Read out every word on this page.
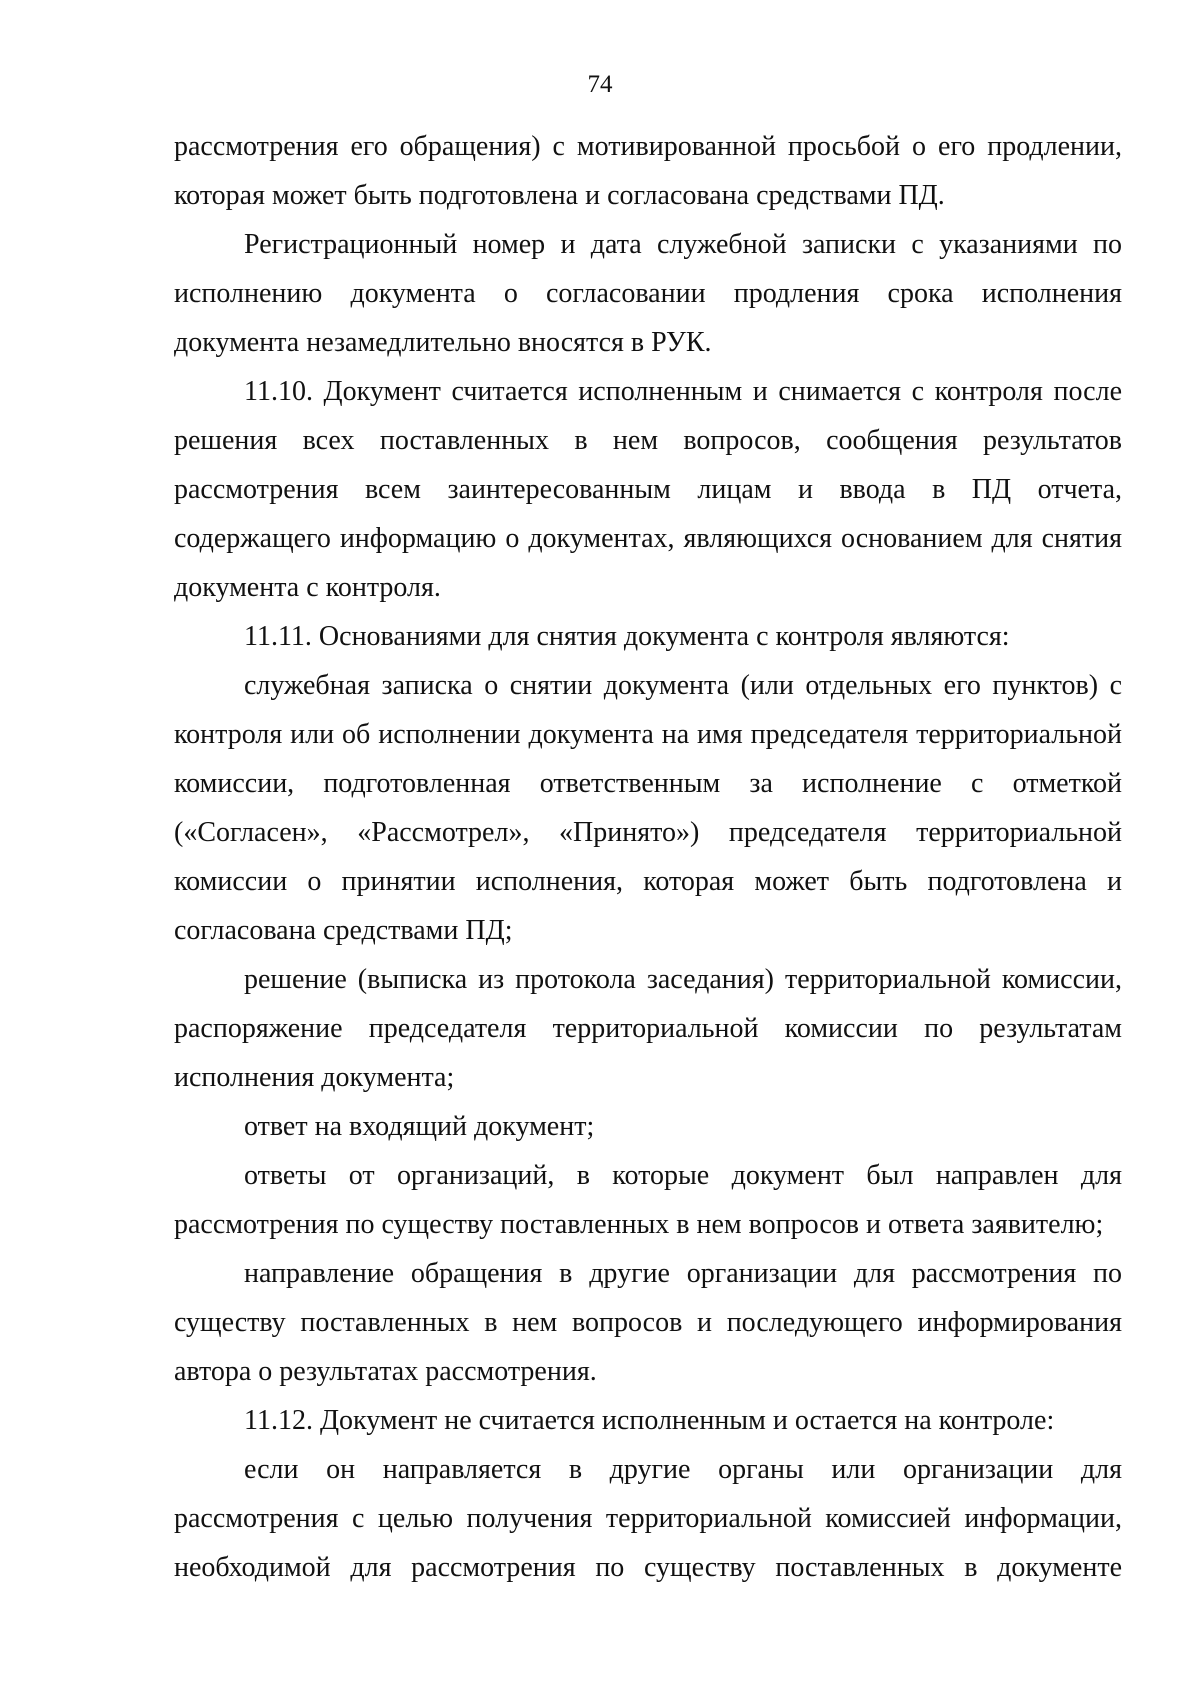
74

рассмотрения его обращения) с мотивированной просьбой о его продлении, которая может быть подготовлена и согласована средствами ПД.

Регистрационный номер и дата служебной записки с указаниями по исполнению документа о согласовании продления срока исполнения документа незамедлительно вносятся в РУК.

11.10. Документ считается исполненным и снимается с контроля после решения всех поставленных в нем вопросов, сообщения результатов рассмотрения всем заинтересованным лицам и ввода в ПД отчета, содержащего информацию о документах, являющихся основанием для снятия документа с контроля.

11.11. Основаниями для снятия документа с контроля являются:

служебная записка о снятии документа (или отдельных его пунктов) с контроля или об исполнении документа на имя председателя территориальной комиссии, подготовленная ответственным за исполнение с отметкой («Согласен», «Рассмотрел», «Принято») председателя территориальной комиссии о принятии исполнения, которая может быть подготовлена и согласована средствами ПД;

решение (выписка из протокола заседания) территориальной комиссии, распоряжение председателя территориальной комиссии по результатам исполнения документа;

ответ на входящий документ;

ответы от организаций, в которые документ был направлен для рассмотрения по существу поставленных в нем вопросов и ответа заявителю;

направление обращения в другие организации для рассмотрения по существу поставленных в нем вопросов и последующего информирования автора о результатах рассмотрения.

11.12. Документ не считается исполненным и остается на контроле:

если он направляется в другие органы или организации для рассмотрения с целью получения территориальной комиссией информации, необходимой для рассмотрения по существу поставленных в документе
